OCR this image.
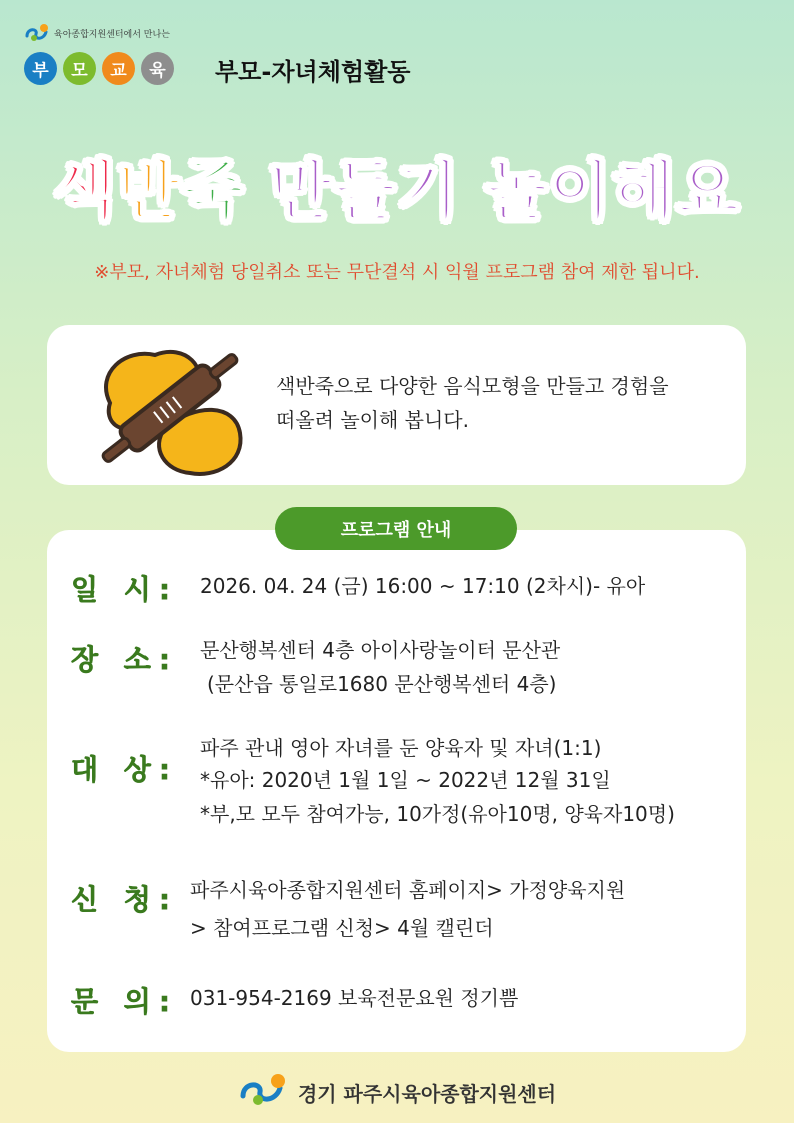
육아종합지원센터에서 만나는
부	모	교	육	부모-자녀체험활동
색반죽 만들기 놀이해요
※부모, 자녀체험 당일취소 또는 무단결석 시 익월 프로그램 참여 제한 됩니다.
색반죽으로 다양한 음식모형을 만들고 경험을
떠올려 놀이해 봅니다.
일 시: 2026. 04. 24 (금) 16:00 ~ 17:10 (2차시)- 유아
장 소: 문산행복센터 4층 아이사랑놀이터 문산관
(문산읍 통일로1680 문산행복센터 4층)
대 상:
파주 관내 영아 자녀를 둔 양육자 및 자녀(1:1)
*유아: 2020년 1월 1일 ~ 2022년 12월 31일
*부,모 모두 참여가능, 10가정(유아10명, 양육자10명)
신 청: 파주시육아종합지원센터 홈페이지> 가정양육지원
> 참여프로그램 신청> 4월 캘린더
문 의: 031-954-2169 보육전문요원 정기쁨
프로그램 안내
경기 파주시육아종합지원센터
